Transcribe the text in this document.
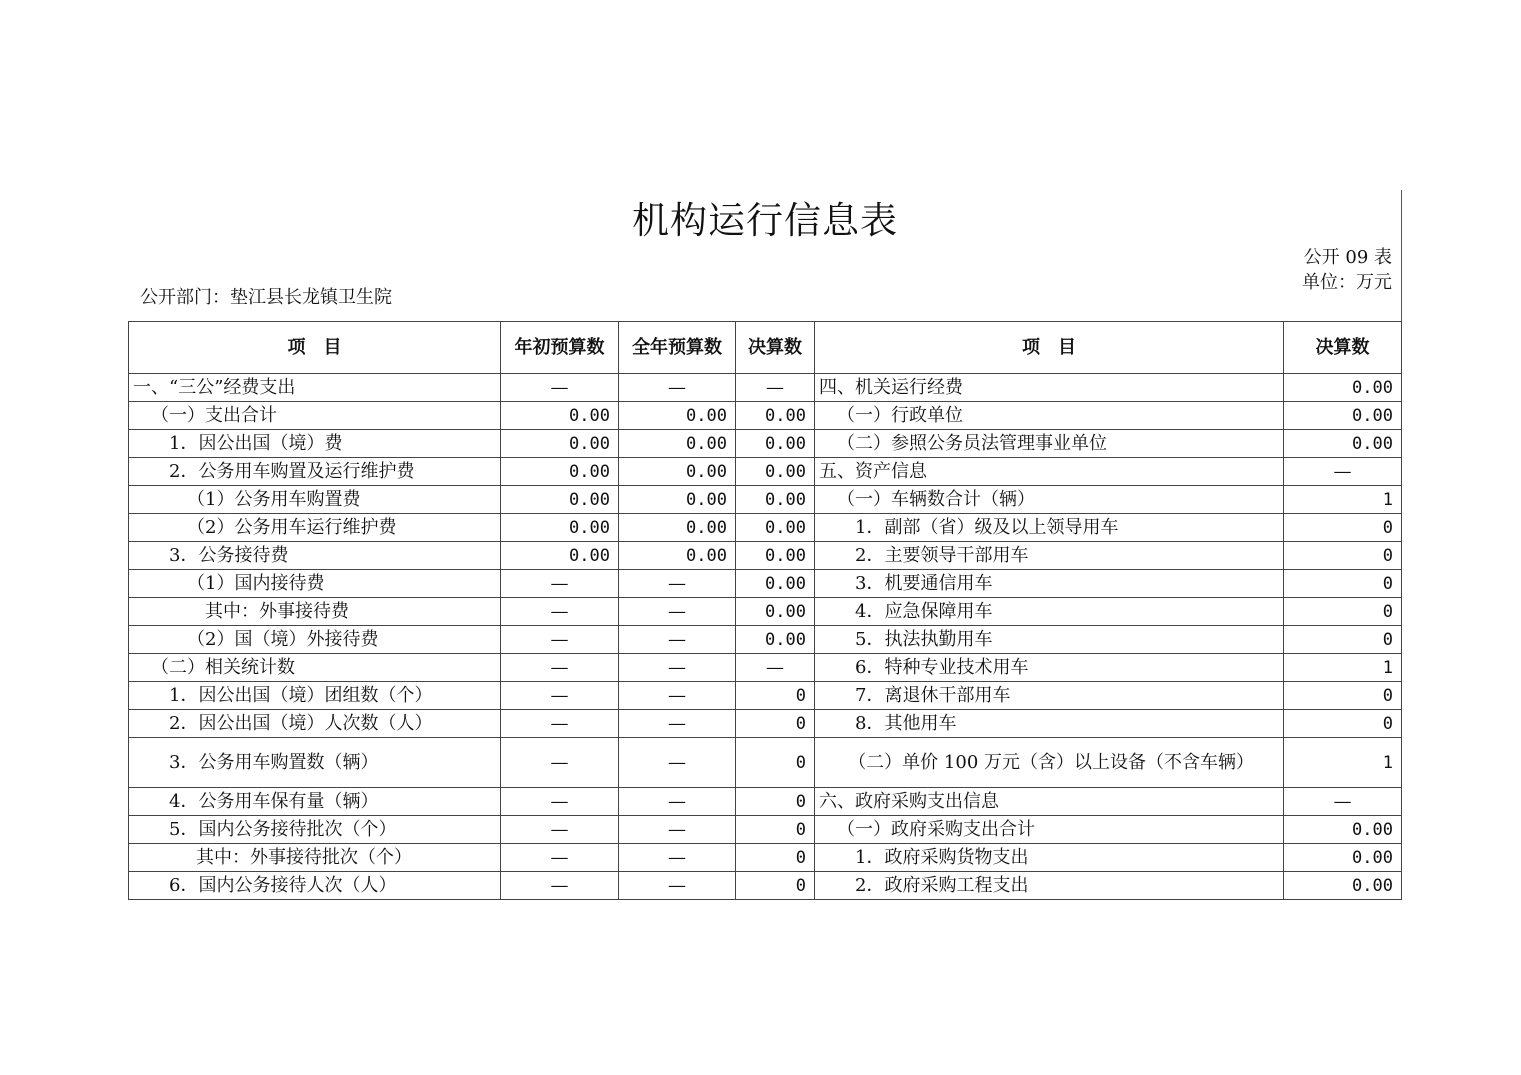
机构运行信息表
公开 09 表
单位：万元
公开部门：垫江县长龙镇卫生院
项　目	年初预算数	全年预算数	决算数	项　目	决算数
一、“三公”经费支出	—	—	—	四、机关运行经费	0.00
（一）支出合计	0.00	0.00	0.00	（一）行政单位	0.00
1．因公出国（境）费	0.00	0.00	0.00	（二）参照公务员法管理事业单位	0.00
2．公务用车购置及运行维护费	0.00	0.00	0.00	五、资产信息	—
（1）公务用车购置费	0.00	0.00	0.00	（一）车辆数合计（辆）	1
（2）公务用车运行维护费	0.00	0.00	0.00	1．副部（省）级及以上领导用车	0
3．公务接待费	0.00	0.00	0.00	2．主要领导干部用车	0
（1）国内接待费	—	—	0.00	3．机要通信用车	0
其中：外事接待费	—	—	0.00	4．应急保障用车	0
（2）国（境）外接待费	—	—	0.00	5．执法执勤用车	0
（二）相关统计数	—	—	—	6．特种专业技术用车	1
1．因公出国（境）团组数（个）	—	—	0	7．离退休干部用车	0
2．因公出国（境）人次数（人）	—	—	0	8．其他用车	0
3．公务用车购置数（辆）	—	—	0	（二）单价 100 万元（含）以上设备（不含车辆）	1
4．公务用车保有量（辆）	—	—	0	六、政府采购支出信息	—
5．国内公务接待批次（个）	—	—	0	（一）政府采购支出合计	0.00
其中：外事接待批次（个）	—	—	0	1．政府采购货物支出	0.00
6．国内公务接待人次（人）	—	—	0	2．政府采购工程支出	0.00
